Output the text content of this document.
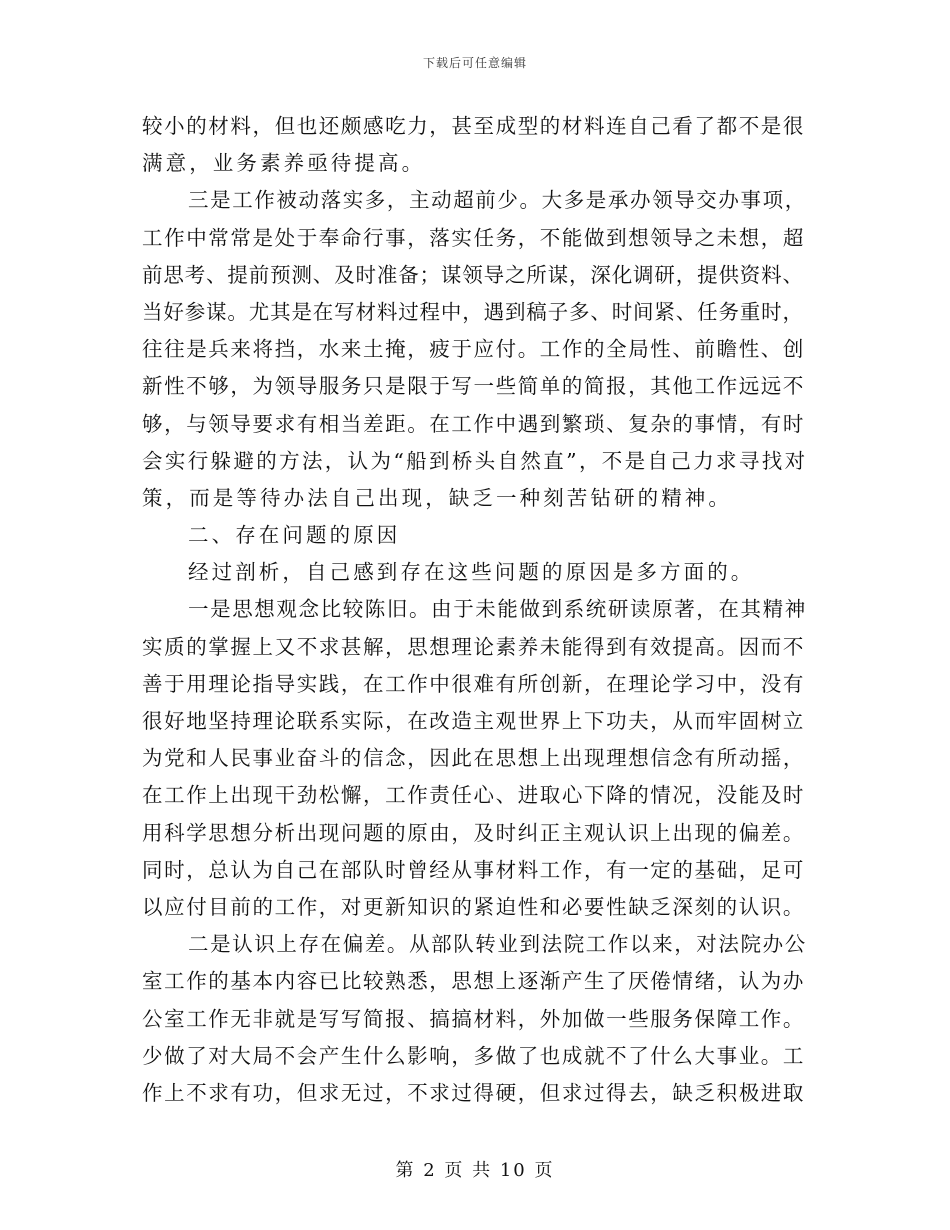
下载后可任意编辑
较小的材料，但也还颇感吃力，甚至成型的材料连自己看了都不是很
满意，业务素养亟待提高。
三是工作被动落实多，主动超前少。大多是承办领导交办事项，
工作中常常是处于奉命行事，落实任务，不能做到想领导之未想，超
前思考、提前预测、及时准备；谋领导之所谋，深化调研，提供资料、
当好参谋。尤其是在写材料过程中，遇到稿子多、时间紧、任务重时，
往往是兵来将挡，水来土掩，疲于应付。工作的全局性、前瞻性、创
新性不够，为领导服务只是限于写一些简单的简报，其他工作远远不
够，与领导要求有相当差距。在工作中遇到繁琐、复杂的事情，有时
会实行躲避的方法，认为“船到桥头自然直”，不是自己力求寻找对
策，而是等待办法自己出现，缺乏一种刻苦钻研的精神。
二、存在问题的原因
经过剖析，自己感到存在这些问题的原因是多方面的。
一是思想观念比较陈旧。由于未能做到系统研读原著，在其精神
实质的掌握上又不求甚解，思想理论素养未能得到有效提高。因而不
善于用理论指导实践，在工作中很难有所创新，在理论学习中，没有
很好地坚持理论联系实际，在改造主观世界上下功夫，从而牢固树立
为党和人民事业奋斗的信念，因此在思想上出现理想信念有所动摇，
在工作上出现干劲松懈，工作责任心、进取心下降的情况，没能及时
用科学思想分析出现问题的原由，及时纠正主观认识上出现的偏差。
同时，总认为自己在部队时曾经从事材料工作，有一定的基础，足可
以应付目前的工作，对更新知识的紧迫性和必要性缺乏深刻的认识。
二是认识上存在偏差。从部队转业到法院工作以来，对法院办公
室工作的基本内容已比较熟悉，思想上逐渐产生了厌倦情绪，认为办
公室工作无非就是写写简报、搞搞材料，外加做一些服务保障工作。
少做了对大局不会产生什么影响，多做了也成就不了什么大事业。工
作上不求有功，但求无过，不求过得硬，但求过得去，缺乏积极进取
第 2 页 共 10 页
